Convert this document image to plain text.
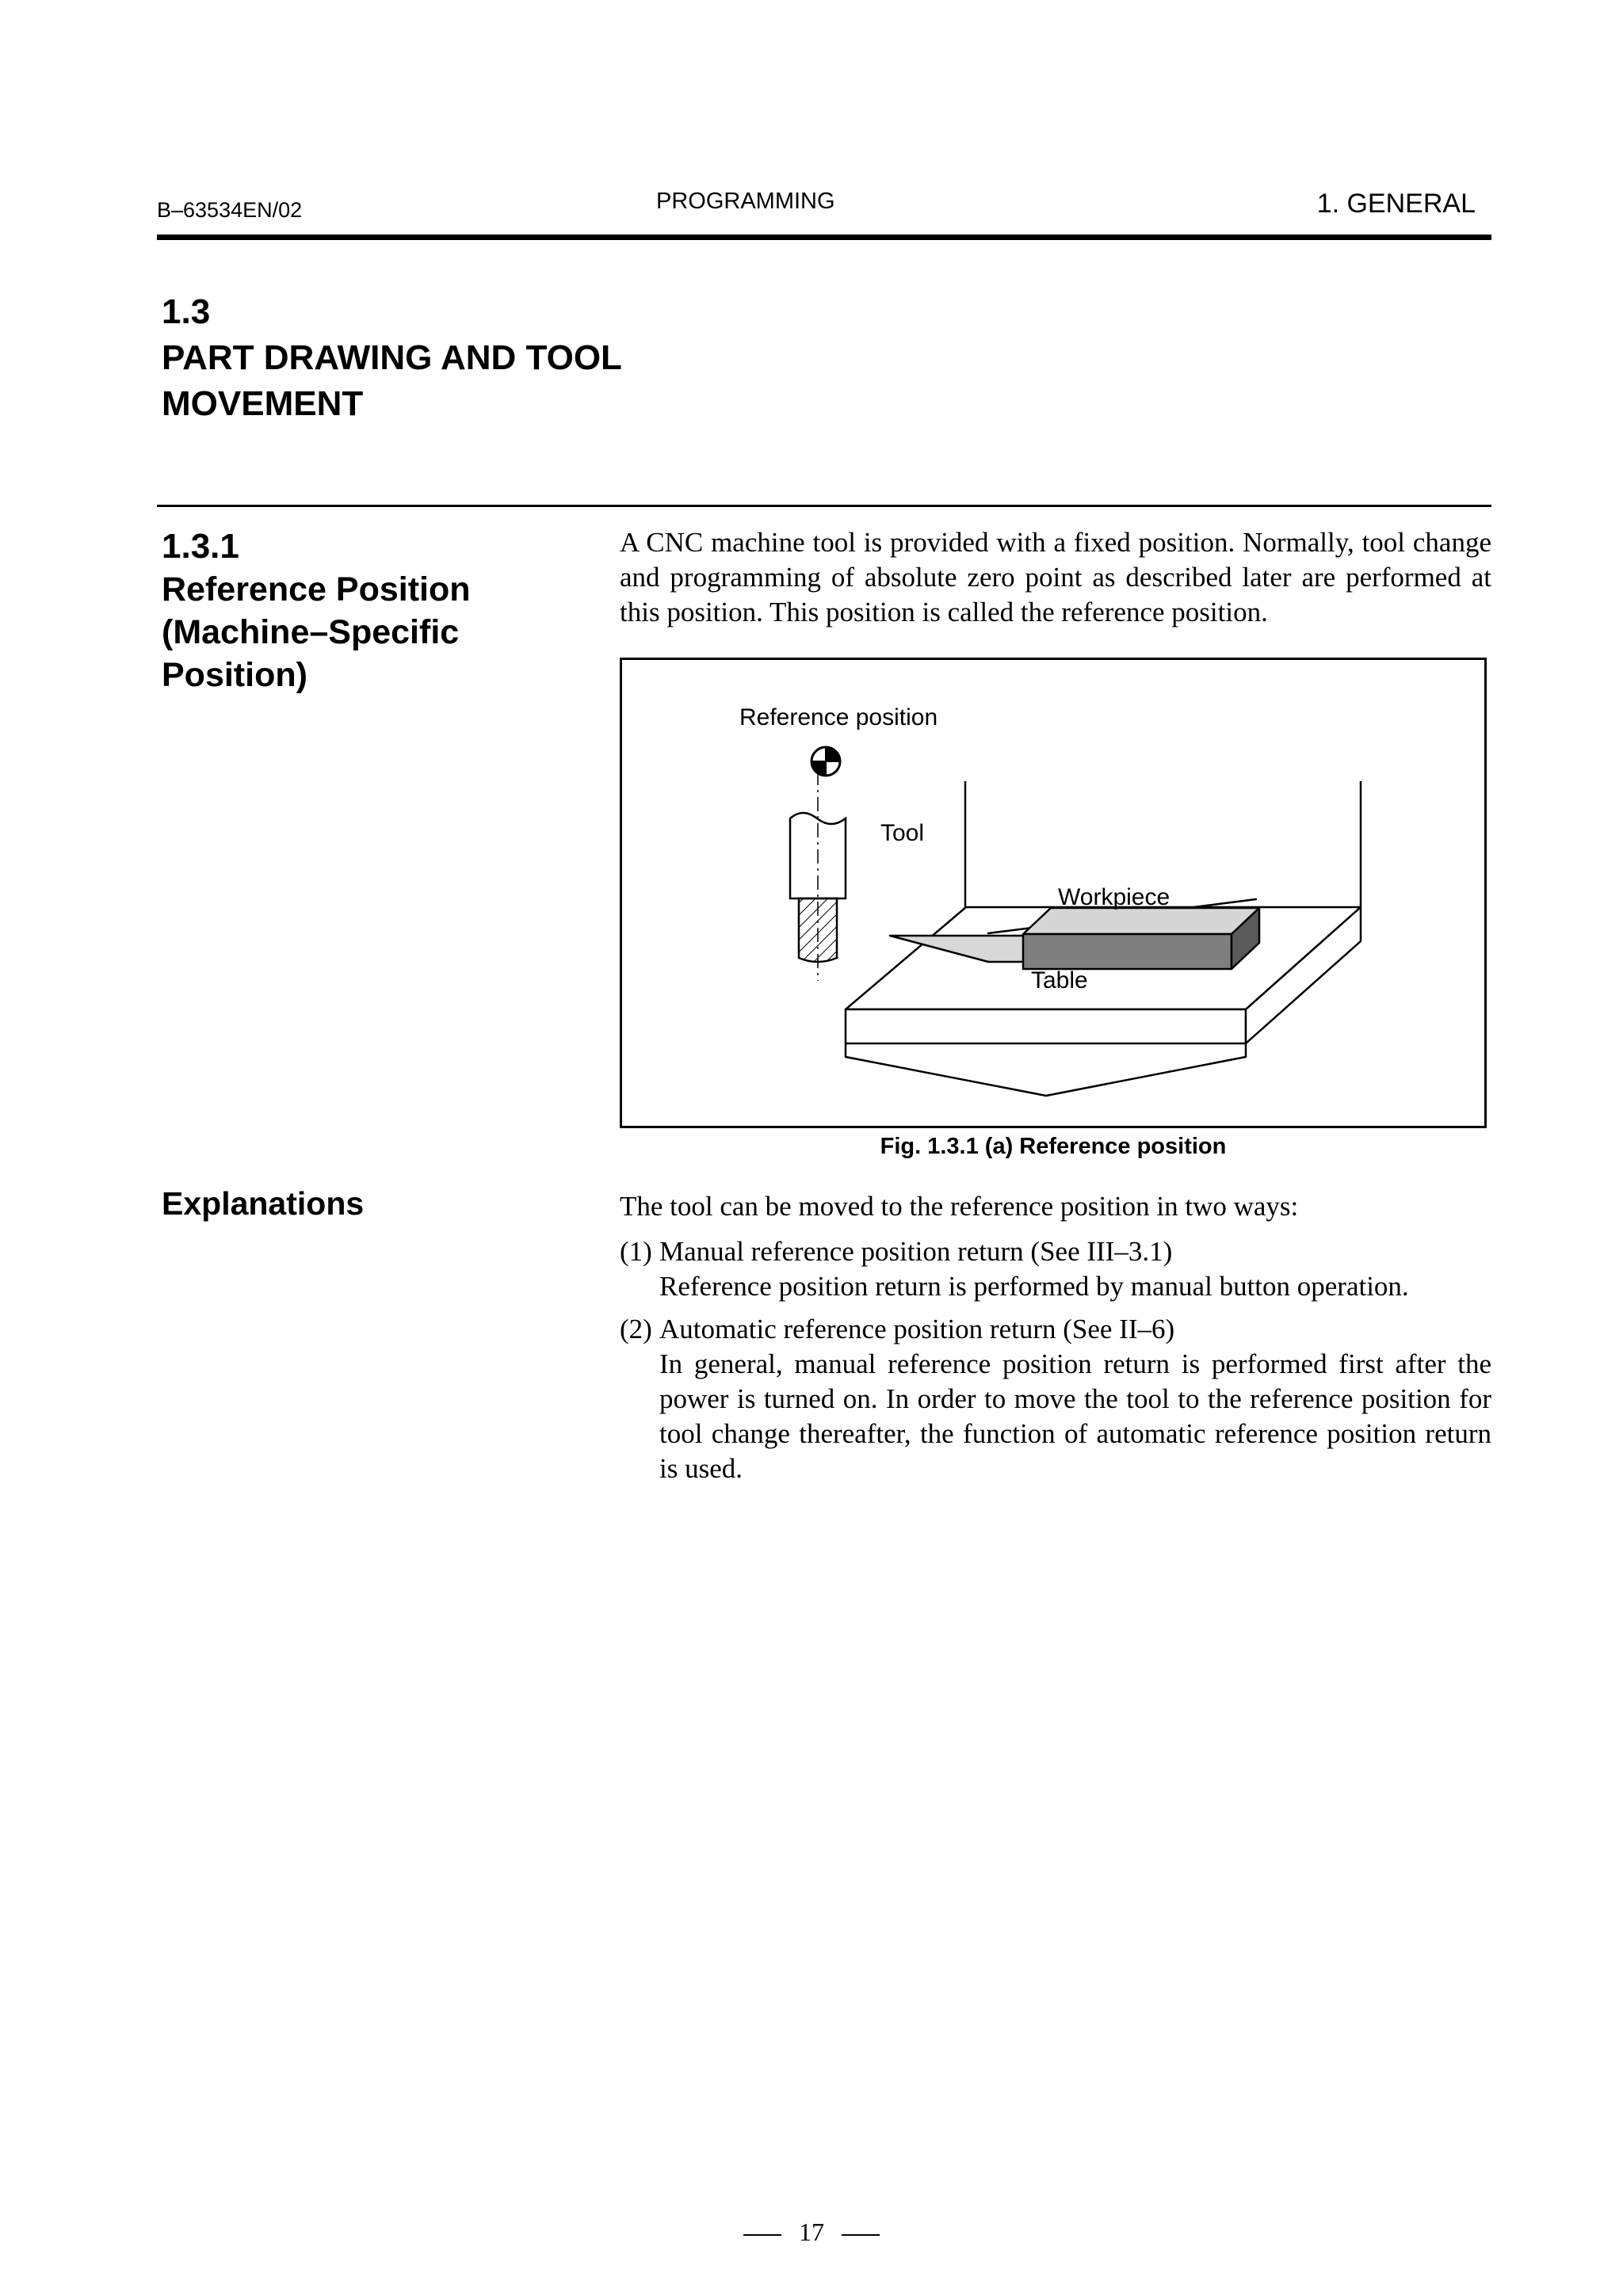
B–63534EN/02	PROGRAMMING	1. GENERAL
1.3
PART DRAWING AND TOOL MOVEMENT
1.3.1
Reference Position (Machine–Specific Position)
A CNC machine tool is provided with a fixed position. Normally, tool change and programming of absolute zero point as described later are performed at this position. This position is called the reference position.
Reference position
Tool
Workpiece
Table
Fig. 1.3.1 (a) Reference position
Explanations	The tool can be moved to the reference position in two ways:
(1) Manual reference position return (See III–3.1)
Reference position return is performed by manual button operation.
(2) Automatic reference position return (See II–6)
In general, manual reference position return is performed first after the power is turned on. In order to move the tool to the reference position for tool change thereafter, the function of automatic reference position return is used.
17
